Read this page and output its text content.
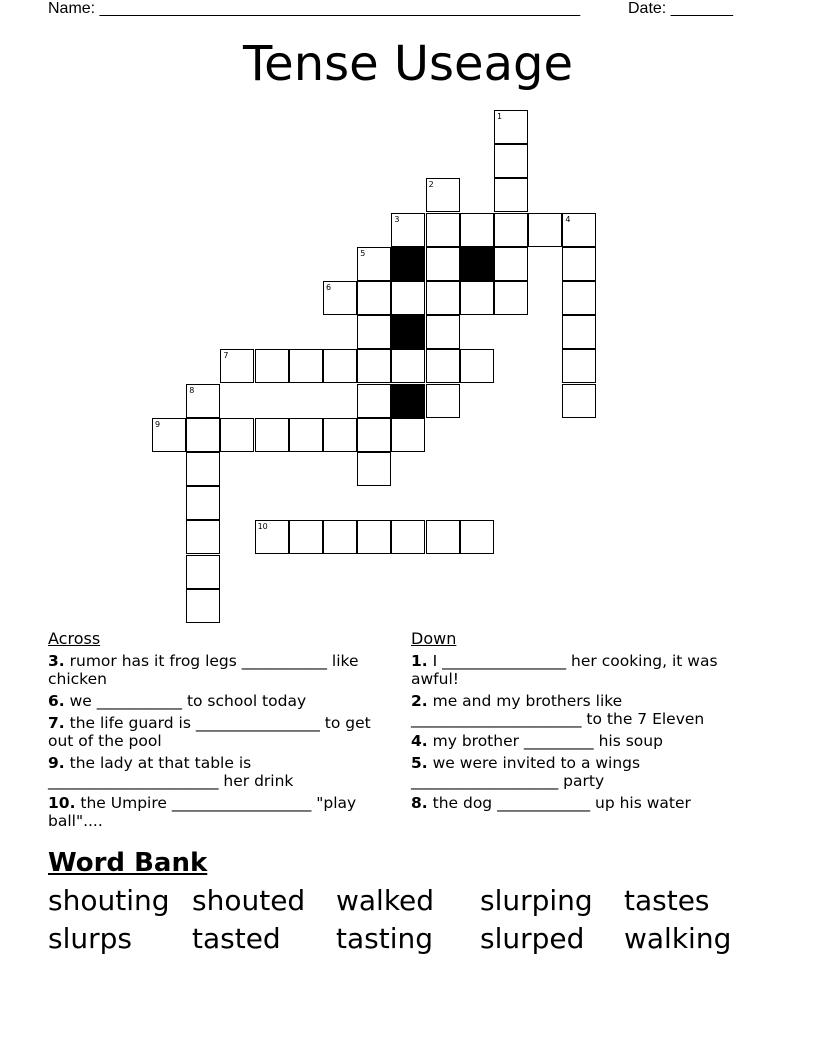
Name: ______________________________________________________	Date: _______
Tense Useage
1
2
3	4
5
6
7
8
9
10
Across
3. rumor has it frog legs ___________ like chicken
6. we ___________ to school today
7. the life guard is ________________ to get out of the pool
9. the lady at that table is ______________________ her drink
10. the Umpire __________________ "play ball"....
Down
1. I ________________ her cooking, it was awful!
2. me and my brothers like ______________________ to the 7 Eleven
4. my brother _________ his soup
5. we were invited to a wings ___________________ party
8. the dog ____________ up his water
Word Bank
shouting shouted walked slurping tastes
slurps tasted tasting slurped walking
